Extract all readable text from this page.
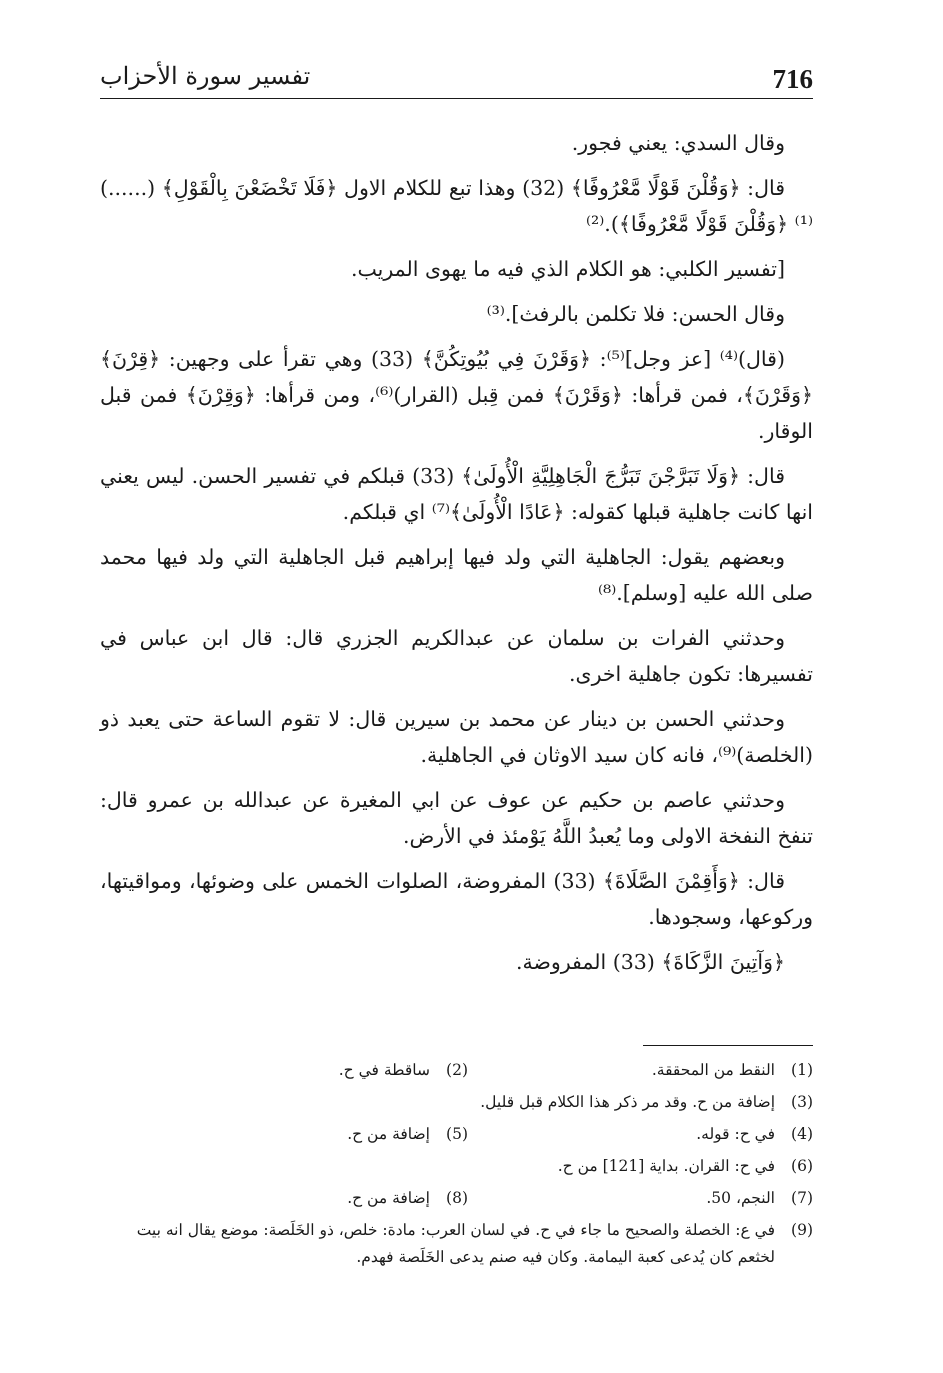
716
تفسير سورة الأحزاب

وقال السدي: يعني فجور.

قال: ﴿وَقُلْنَ قَوْلًا مَّعْرُوفًا﴾ (32) وهذا تبع للكلام الاول ﴿فَلَا تَخْضَعْنَ بِالْقَوْلِ﴾ (......)⁽¹⁾ ﴿وَقُلْنَ قَوْلًا مَّعْرُوفًا﴾).⁽²⁾

[تفسير الكلبي: هو الكلام الذي فيه ما يهوى المريب.

وقال الحسن: فلا تكلمن بالرفث].⁽³⁾

(قال)⁽⁴⁾ [عز وجل]⁽⁵⁾: ﴿وَقَرْنَ فِي بُيُوتِكُنَّ﴾ (33) وهي تقرأ على وجهين: ﴿قِرْنَ﴾ ﴿وَقَرْنَ﴾، فمن قرأها: ﴿وَقَرْنَ﴾ فمن قِبل (القرار)⁽⁶⁾، ومن قرأها: ﴿وَقِرْنَ﴾ فمن قبل الوقار.

قال: ﴿وَلَا تَبَرَّجْنَ تَبَرُّجَ الْجَاهِلِيَّةِ الْأُولَىٰ﴾ (33) قبلكم في تفسير الحسن. ليس يعني انها كانت جاهلية قبلها كقوله: ﴿عَادًا الْأُولَىٰ﴾⁽⁷⁾ اي قبلكم.

وبعضهم يقول: الجاهلية التي ولد فيها إبراهيم قبل الجاهلية التي ولد فيها محمد صلى الله عليه [وسلم].⁽⁸⁾

وحدثني الفرات بن سلمان عن عبدالكريم الجزري قال: قال ابن عباس في تفسيرها: تكون جاهلية اخرى.

وحدثني الحسن بن دينار عن محمد بن سيرين قال: لا تقوم الساعة حتى يعبد ذو (الخلصة)⁽⁹⁾، فانه كان سيد الاوثان في الجاهلية.

وحدثني عاصم بن حكيم عن عوف عن ابي المغيرة عن عبدالله بن عمرو قال: تنفخ النفخة الاولى وما يُعبدُ اللَّهُ يَوْمئذ في الأرض.

قال: ﴿وَأَقِمْنَ الصَّلَاةَ﴾ (33) المفروضة، الصلوات الخمس على وضوئها، ومواقيتها، وركوعها، وسجودها.

﴿وَآتِينَ الزَّكَاةَ﴾ (33) المفروضة.

(1)
النقط من المحققة.
(2)
ساقطة في ح.
(3)
إضافة من ح. وقد مر ذكر هذا الكلام قبل قليل.
(4)
في ح: قوله.
(5)
إضافة من ح.
(6)
في ح: القران. بداية [121] من ح.
(7)
النجم، 50.
(8)
إضافة من ح.
(9)
في ع: الخصلة والصحيح ما جاء في ح. في لسان العرب: مادة: خلص، ذو الخَلَصة: موضع يقال انه بيت لخثعم كان يُدعى كعبة اليمامة. وكان فيه صنم يدعى الخَلَصة فهدم.
